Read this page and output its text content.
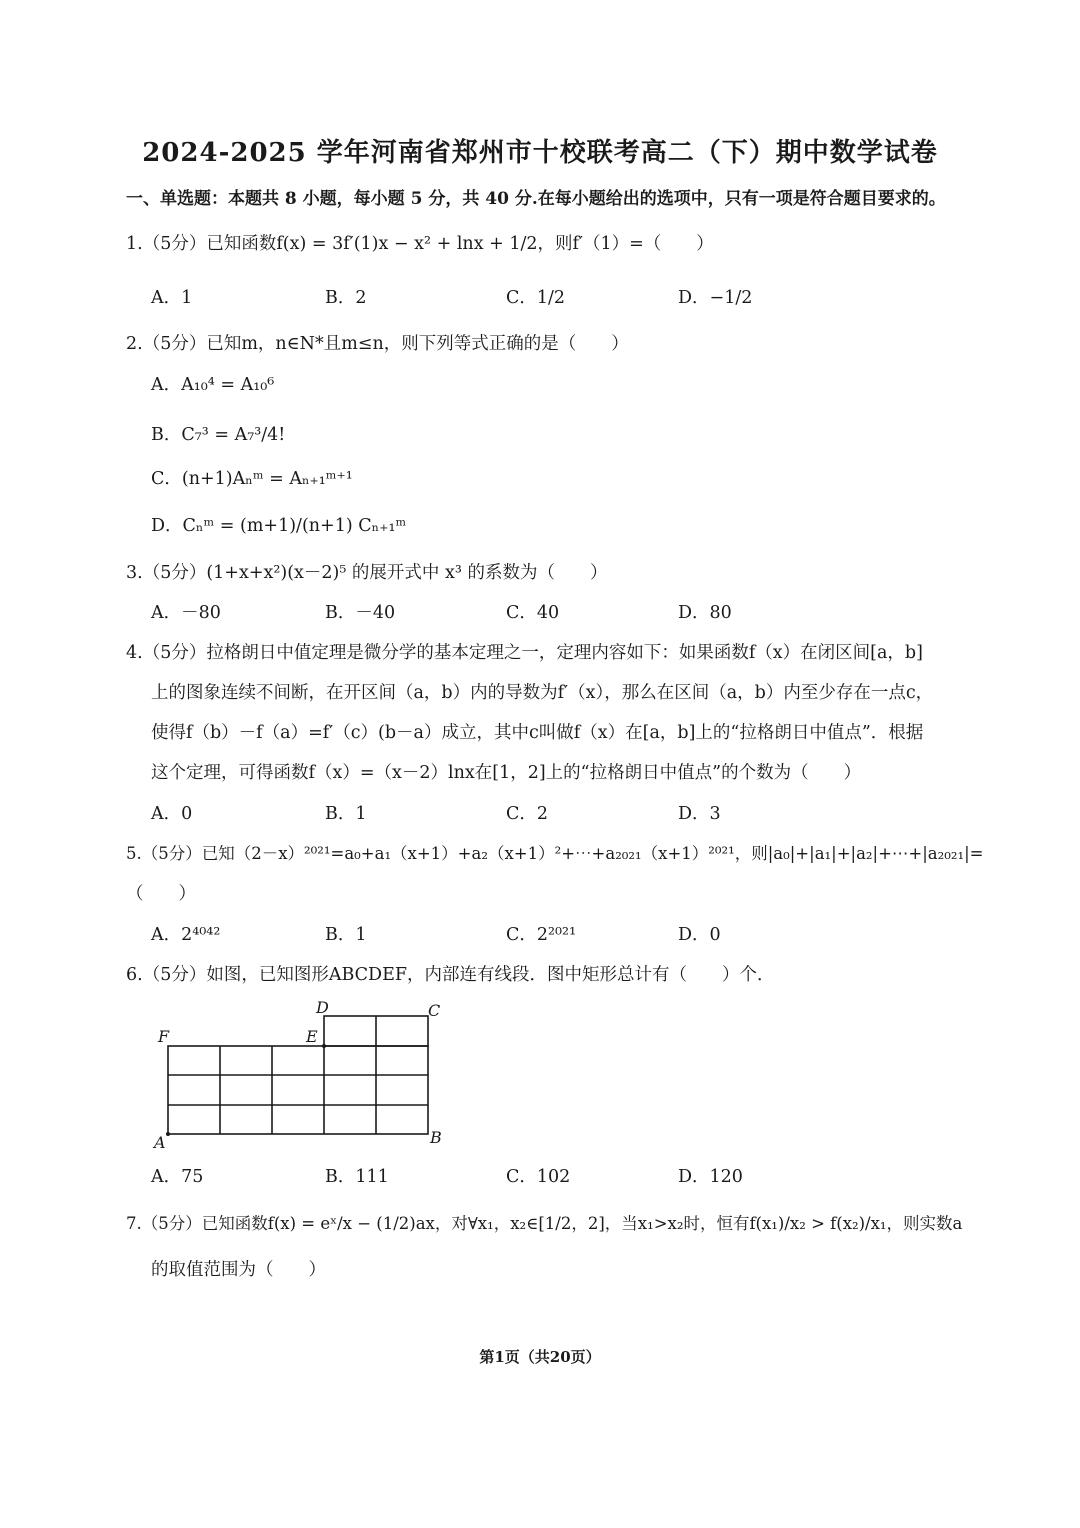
2024-2025 学年河南省郑州市十校联考高二（下）期中数学试卷
一、单选题：本题共 8 小题，每小题 5 分，共 40 分.在每小题给出的选项中，只有一项是符合题目要求的。
1.（5分）已知函数f(x) = 3f′(1)x − x² + lnx + 1/2，则f′（1）=（　　）
A．1	B．2	C．1/2	D．−1/2
2.（5分）已知m，n∈N*且m≤n，则下列等式正确的是（　　）
A．A₁₀⁴ = A₁₀⁶
B．C₇³ = A₇³/4!
C．(n+1)Aₙᵐ = Aₙ₊₁ᵐ⁺¹
D．Cₙᵐ = (m+1)/(n+1) Cₙ₊₁ᵐ
3.（5分）(1+x+x²)(x－2)⁵ 的展开式中 x³ 的系数为（　　）
A．－80	B．－40	C．40	D．80
4.（5分）拉格朗日中值定理是微分学的基本定理之一，定理内容如下：如果函数f（x）在闭区间[a，b]
上的图象连续不间断，在开区间（a，b）内的导数为f′（x），那么在区间（a，b）内至少存在一点c，
使得f（b）－f（a）=f′（c）(b－a）成立，其中c叫做f（x）在[a，b]上的“拉格朗日中值点”．根据
这个定理，可得函数f（x）=（x－2）lnx在[1，2]上的“拉格朗日中值点”的个数为（　　）
A．0	B．1	C．2	D．3
5.（5分）已知（2－x）²⁰²¹=a₀+a₁（x+1）+a₂（x+1）²+⋯+a₂₀₂₁（x+1）²⁰²¹，则|a₀|+|a₁|+|a₂|+⋯+|a₂₀₂₁|=
（　　）
A．2⁴⁰⁴²	B．1	C．2²⁰²¹	D．0
6.（5分）如图，已知图形ABCDEF，内部连有线段．图中矩形总计有（　　）个．
A	B
C
D
E
F
A．75	B．111	C．102	D．120
7.（5分）已知函数f(x) = eˣ/x − (1/2)ax，对∀x₁，x₂∈[1/2，2]，当x₁>x₂时，恒有f(x₁)/x₂ > f(x₂)/x₁，则实数a
的取值范围为（　　）
第1页（共20页）
